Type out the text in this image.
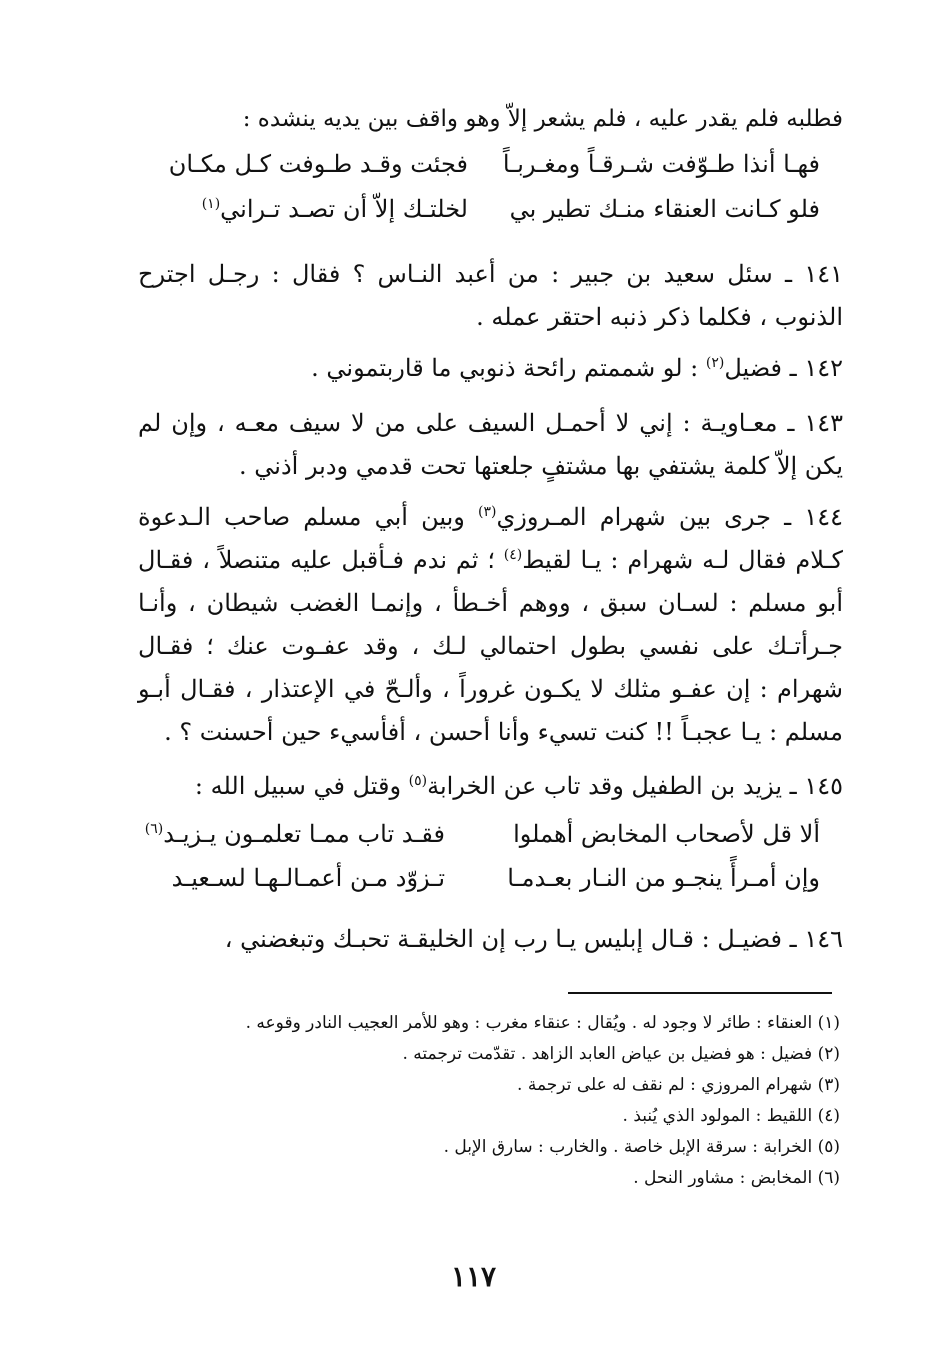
فطلبه فلم يقدر عليه ، فلم يشعر إلاّ وهو واقف بين يديه ينشده :
فجئت وقـد طـوفت كـل مكـان فهـا أنذا طـوّفت شـرقـاً ومغـربـاً
لخلتـك إلاّ أن تصـد تـراني$^{(١)}$	فلو كـانت العنقاء منـك تطير بي
١٤١ ـ سئل سعيد بن جبير : من أعبد النـاس ؟ فقال : رجـل اجترح الذنوب ، فكلما ذكر ذنبه احتقر عمله .
١٤٢ ـ فضيل$^{(٢)}$ : لو شممتم رائحة ذنوبي ما قاربتموني .
١٤٣ ـ معـاويـة : إني لا أحمـل السيف على من لا سيف معـه ، وإن لم يكن إلاّ كلمة يشتفي بها مشتفٍ جلعتها تحت قدمي ودبر أذني .
١٤٤ ـ جرى بين شهرام المـروزي$^{(٣)}$ وبين أبي مسلم صاحب الـدعوة كـلام فقال لـه شهرام : يـا لقيط$^{(٤)}$ ؛ ثم ندم فـأقبل عليه متنصلاً ، فقـال أبو مسلم : لسـان سبق ، ووهم أخـطأ ، وإنمـا الغضب شيطان ، وأنـا جـرأتـك على نفسي بطول احتمالي لـك ، وقد عفـوت عنك ؛ فقـال شهرام : إن عفـو مثلك لا يكـون غروراً ، وألـحّ في الإعتذار ، فقـال أبـو مسلم : يـا عجبـاً !! كنت تسيء وأنا أحسن ، أفأسيء حين أحسنت ؟ .
١٤٥ ـ يزيد بن الطفيل وقد تاب عن الخرابة$^{(٥)}$ وقتل في سبيل الله :
ألا قل لأصحاب المخابض أهملوا
فقـد تاب ممـا تعلمـون يـزيـد$^{(٦)}$
وإن أمـرأً ينجـو من النـار بعـدمـا
تـزوّد مـن أعمـالـهـا لسـعيـد
١٤٦ ـ فضيـل : قـال إبليس يـا رب إن الخليقـة تحبـك وتبغضني ،
(١) العنقاء : طائر لا وجود له . ويُقال : عنقاء مغرب : وهو للأمر العجيب النادر وقوعه .
(٢) فضيل : هو فضيل بن عياض العابد الزاهد . تقدّمت ترجمته .
(٣) شهرام المروزي : لم نقف له على ترجمة .
(٤) اللقيط : المولود الذي يُنبذ .
(٥) الخرابة : سرقة الإبل خاصة . والخارب : سارق الإبل .
(٦) المخابض : مشاور النحل .
١١٧
